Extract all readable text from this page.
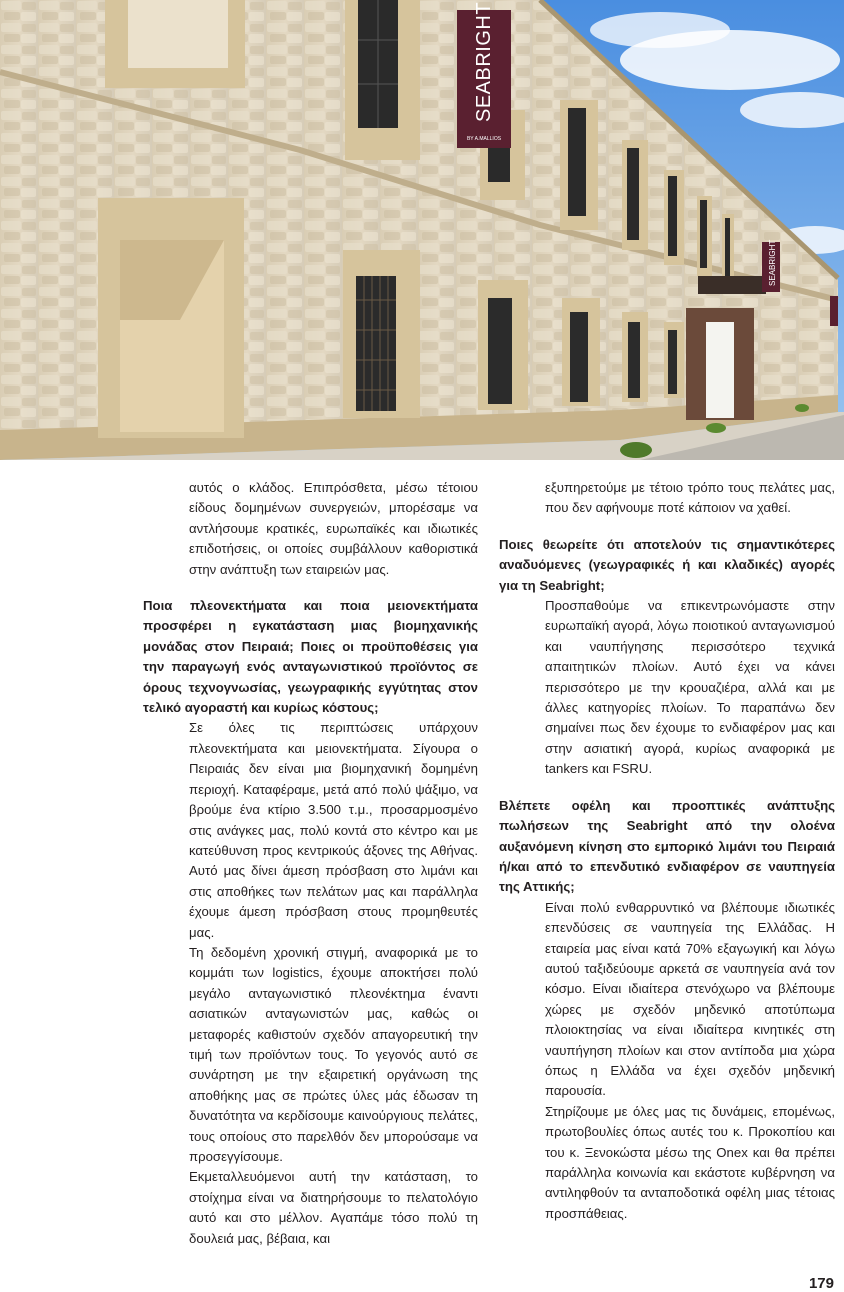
SEABRIGHT
BY A.MALLIOS
SEABRIGHT

αυτός ο κλάδος. Επιπρόσθετα, μέσω τέτοιου είδους δομημένων συνεργειών, μπορέσαμε να αντλήσουμε κρατικές, ευρωπαϊκές και ιδιωτικές επιδοτήσεις, οι οποίες συμβάλλουν καθοριστικά στην ανάπτυξη των εταιρειών μας.

Ποια πλεονεκτήματα και ποια μειονεκτήματα προσφέρει η εγκατάσταση μιας βιομηχανικής μονάδας στον Πειραιά; Ποιες οι προϋποθέσεις για την παραγωγή ενός ανταγωνιστικού προϊόντος σε όρους τεχνογνωσίας, γεωγραφικής εγγύτητας στον τελικό αγοραστή και κυρίως κόστους;

Σε όλες τις περιπτώσεις υπάρχουν πλεονεκτήματα και μειονεκτήματα. Σίγουρα ο Πειραιάς δεν είναι μια βιομηχανική δομημένη περιοχή. Καταφέραμε, μετά από πολύ ψάξιμο, να βρούμε ένα κτίριο 3.500 τ.μ., προσαρμοσμένο στις ανάγκες μας, πολύ κοντά στο κέντρο και με κατεύθυνση προς κεντρικούς άξονες της Αθήνας. Αυτό μας δίνει άμεση πρόσβαση στο λιμάνι και στις αποθήκες των πελάτων μας και παράλληλα έχουμε άμεση πρόσβαση στους προμηθευτές μας.

Τη δεδομένη χρονική στιγμή, αναφορικά με το κομμάτι των logistics, έχουμε αποκτήσει πολύ μεγάλο ανταγωνιστικό πλεονέκτημα έναντι ασιατικών ανταγωνιστών μας, καθώς οι μεταφορές καθιστούν σχεδόν απαγορευτική την τιμή των προϊόντων τους. Το γεγονός αυτό σε συνάρτηση με την εξαιρετική οργάνωση της αποθήκης μας σε πρώτες ύλες μάς έδωσαν τη δυνατότητα να κερδίσουμε καινούργιους πελάτες, τους οποίους στο παρελθόν δεν μπορούσαμε να προσεγγίσουμε.

Εκμεταλλευόμενοι αυτή την κατάσταση, το στοίχημα είναι να διατηρήσουμε το πελατολόγιο αυτό και στο μέλλον. Αγαπάμε τόσο πολύ τη δουλειά μας, βέβαια, και

εξυπηρετούμε με τέτοιο τρόπο τους πελάτες μας, που δεν αφήνουμε ποτέ κάποιον να χαθεί.

Ποιες θεωρείτε ότι αποτελούν τις σημαντικότερες αναδυόμενες (γεωγραφικές ή και κλαδικές) αγορές για τη Seabright;

Προσπαθούμε να επικεντρωνόμαστε στην ευρωπαϊκή αγορά, λόγω ποιοτικού ανταγωνισμού και ναυπήγησης περισσότερο τεχνικά απαιτητικών πλοίων. Αυτό έχει να κάνει περισσότερο με την κρουαζιέρα, αλλά και με άλλες κατηγορίες πλοίων. Το παραπάνω δεν σημαίνει πως δεν έχουμε το ενδιαφέρον μας και στην ασιατική αγορά, κυρίως αναφορικά με tankers και FSRU.

Βλέπετε οφέλη και προοπτικές ανάπτυξης πωλήσεων της Seabright από την ολοένα αυξανόμενη κίνηση στο εμπορικό λιμάνι του Πειραιά ή/και από το επενδυτικό ενδιαφέρον σε ναυπηγεία της Αττικής;

Είναι πολύ ενθαρρυντικό να βλέπουμε ιδιωτικές επενδύσεις σε ναυπηγεία της Ελλάδας. Η εταιρεία μας είναι κατά 70% εξαγωγική και λόγω αυτού ταξιδεύουμε αρκετά σε ναυπηγεία ανά τον κόσμο. Είναι ιδιαίτερα στενόχωρο να βλέπουμε χώρες με σχεδόν μηδενικό αποτύπωμα πλοιοκτησίας να είναι ιδιαίτερα κινητικές στη ναυπήγηση πλοίων και στον αντίποδα μια χώρα όπως η Ελλάδα να έχει σχεδόν μηδενική παρουσία.

Στηρίζουμε με όλες μας τις δυνάμεις, επομένως, πρωτοβουλίες όπως αυτές του κ. Προκοπίου και του κ. Ξενοκώστα μέσω της Onex και θα πρέπει παράλληλα κοινωνία και εκάστοτε κυβέρνηση να αντιληφθούν τα ανταποδοτικά οφέλη μιας τέτοιας προσπάθειας.

179
